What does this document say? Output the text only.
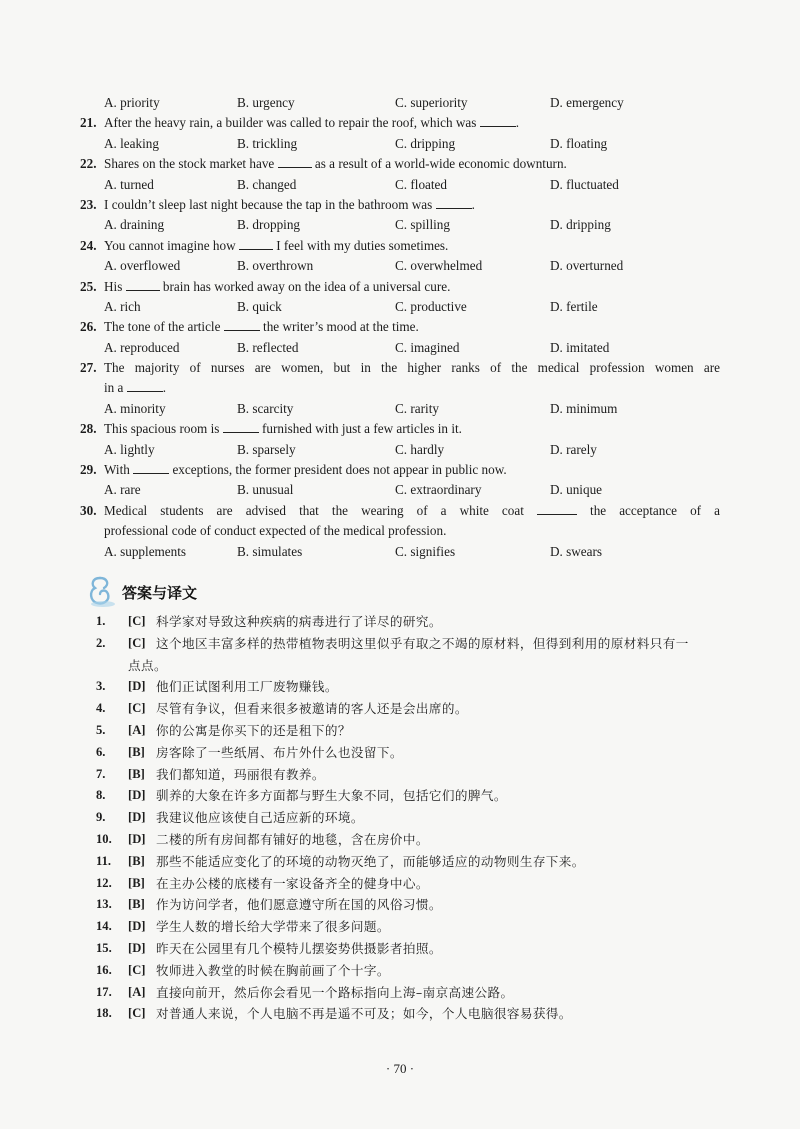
A. priority	B. urgency	C. superiority	D. emergency
21. After the heavy rain, a builder was called to repair the roof, which was	.
A. leaking	B. trickling	C. dripping	D. floating
22. Shares on the stock market have	as a result of a world-wide economic downturn.
A. turned	B. changed	C. floated	D. fluctuated
23. I couldn’t sleep last night because the tap in the bathroom was	.
A. draining	B. dropping	C. spilling	D. dripping
24. You cannot imagine how	I feel with my duties sometimes.
A. overflowed	B. overthrown	C. overwhelmed	D. overturned
25. His	brain has worked away on the idea of a universal cure.
A. rich	B. quick	C. productive	D. fertile
26. The tone of the article	the writer’s mood at the time.
A. reproduced	B. reflected	C. imagined	D. imitated
27. The majority of nurses are women, but in the higher ranks of the medical profession women are
in a	.
A. minority	B. scarcity	C. rarity	D. minimum
28. This spacious room is	furnished with just a few articles in it.
A. lightly	B. sparsely	C. hardly	D. rarely
29. With	exceptions, the former president does not appear in public now.
A. rare	B. unusual	C. extraordinary	D. unique
30. Medical students are advised that the wearing of a white coat	the acceptance of a
professional code of conduct expected of the medical profession.
A. supplements	B. simulates	C. signifies	D. swears
答案与译文
1.	[C] 科学家对导致这种疾病的病毒进行了详尽的研究。
2.	[C] 这个地区丰富多样的热带植物表明这里似乎有取之不竭的原材料，但得到利用的原材料只有一
点点。
3.	[D] 他们正试图利用工厂废物赚钱。
4.	[C] 尽管有争议，但看来很多被邀请的客人还是会出席的。
5.	[A] 你的公寓是你买下的还是租下的？
6.	[B] 房客除了一些纸屑、布片外什么也没留下。
7.	[B] 我们都知道，玛丽很有教养。
8.	[D] 驯养的大象在许多方面都与野生大象不同，包括它们的脾气。
9.	[D] 我建议他应该使自己适应新的环境。
10.	[D] 二楼的所有房间都有铺好的地毯，含在房价中。
11.	[B] 那些不能适应变化了的环境的动物灭绝了，而能够适应的动物则生存下来。
12.	[B] 在主办公楼的底楼有一家设备齐全的健身中心。
13.	[B] 作为访问学者，他们愿意遵守所在国的风俗习惯。
14.	[D] 学生人数的增长给大学带来了很多问题。
15.	[D] 昨天在公园里有几个模特儿摆姿势供摄影者拍照。
16.	[C] 牧师进入教堂的时候在胸前画了个十字。
17.	[A] 直接向前开，然后你会看见一个路标指向上海–南京高速公路。
18.	[C] 对普通人来说，个人电脑不再是遥不可及；如今，个人电脑很容易获得。
· 70 ·
